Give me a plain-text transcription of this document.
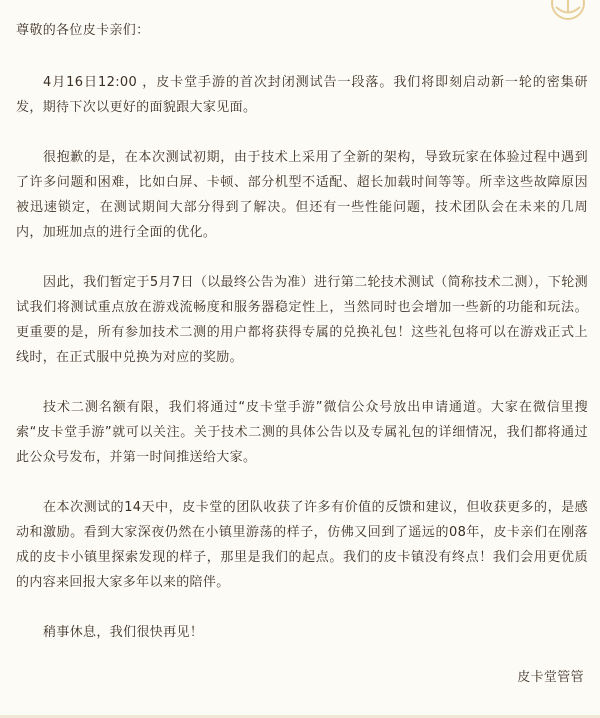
尊敬的各位皮卡亲们：

4月16日12:00 ，皮卡堂手游的首次封闭测试告一段落。我们将即刻启动新一轮的密集研发，期待下次以更好的面貌跟大家见面。

很抱歉的是，在本次测试初期，由于技术上采用了全新的架构，导致玩家在体验过程中遇到了许多问题和困难，比如白屏、卡顿、部分机型不适配、超长加载时间等等。所幸这些故障原因被迅速锁定，在测试期间大部分得到了解决。但还有一些性能问题，技术团队会在未来的几周内，加班加点的进行全面的优化。

因此，我们暂定于5月7日（以最终公告为准）进行第二轮技术测试（简称技术二测），下轮测试我们将测试重点放在游戏流畅度和服务器稳定性上，当然同时也会增加一些新的功能和玩法。更重要的是，所有参加技术二测的用户都将获得专属的兑换礼包！这些礼包将可以在游戏正式上线时，在正式服中兑换为对应的奖励。

技术二测名额有限，我们将通过“皮卡堂手游”微信公众号放出申请通道。大家在微信里搜索“皮卡堂手游”就可以关注。关于技术二测的具体公告以及专属礼包的详细情况，我们都将通过此公众号发布，并第一时间推送给大家。

在本次测试的14天中，皮卡堂的团队收获了许多有价值的反馈和建议，但收获更多的，是感动和激励。看到大家深夜仍然在小镇里游荡的样子，仿佛又回到了遥远的08年，皮卡亲们在刚落成的皮卡小镇里探索发现的样子，那里是我们的起点。我们的皮卡镇没有终点！我们会用更优质的内容来回报大家多年以来的陪伴。

稍事休息，我们很快再见！

皮卡堂管管
